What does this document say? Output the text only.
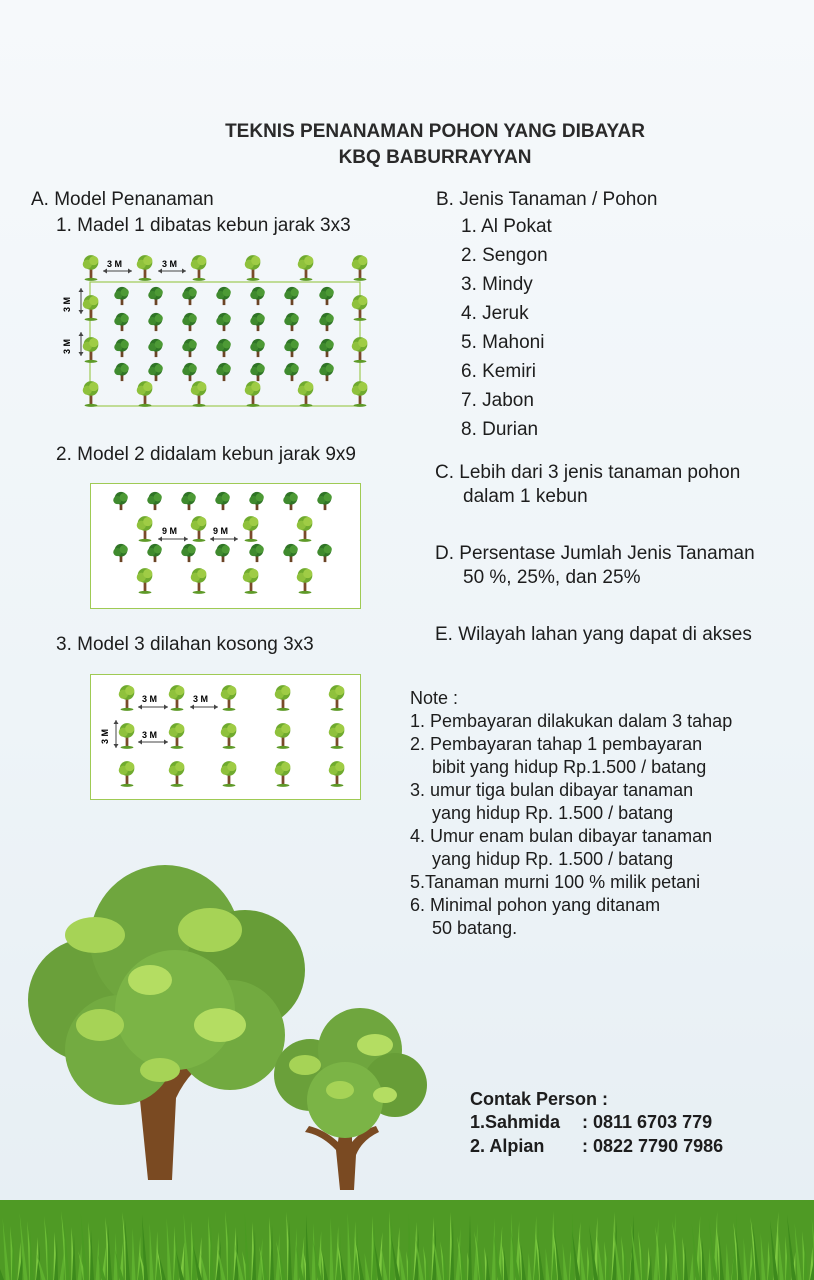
TEKNIS PENANAMAN POHON YANG DIBAYAR
KBQ BABURRAYYAN
A. Model Penanaman
1. Madel 1 dibatas kebun jarak 3x3
3 M	3 M
3 M
3 M
2. Model 2 didalam kebun jarak 9x9
9 M	9 M
3. Model 3 dilahan kosong 3x3
3 M	3 M
3 M
3 M
B. Jenis Tanaman / Pohon
1. Al Pokat
2. Sengon
3. Mindy
4. Jeruk
5. Mahoni
6. Kemiri
7. Jabon
8. Durian
C. Lebih dari 3 jenis tanaman pohon
dalam 1 kebun
D. Persentase Jumlah Jenis Tanaman
50 %, 25%, dan 25%
E. Wilayah lahan yang dapat di akses
Note :
1. Pembayaran dilakukan dalam 3 tahap
2. Pembayaran tahap 1 pembayaran
bibit yang hidup Rp.1.500 / batang
3. umur tiga bulan dibayar tanaman
yang hidup Rp. 1.500 / batang
4. Umur enam bulan dibayar tanaman
yang hidup Rp. 1.500 / batang
5.Tanaman murni 100 % milik petani
6. Minimal pohon yang ditanam
50 batang.
Contak Person :
1.Sahmida : 0811 6703 779
2. Alpian : 0822 7790 7986
